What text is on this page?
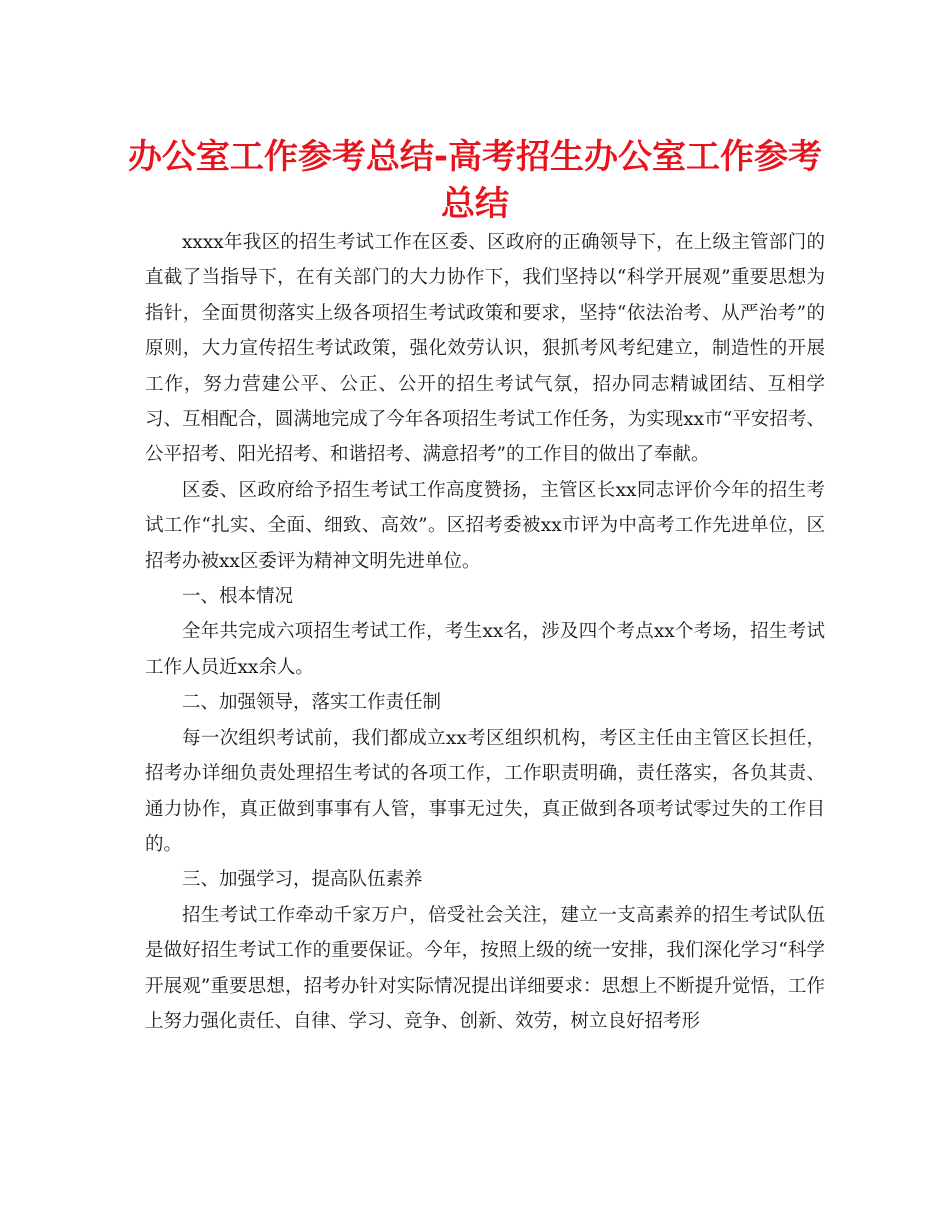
办公室工作参考总结-高考招生办公室工作参考总结

xxxx年我区的招生考试工作在区委、区政府的正确领导下，在上级主管部门的直截了当指导下，在有关部门的大力协作下，我们坚持以“科学开展观”重要思想为指针，全面贯彻落实上级各项招生考试政策和要求，坚持“依法治考、从严治考”的原则，大力宣传招生考试政策，强化效劳认识，狠抓考风考纪建立，制造性的开展工作，努力营建公平、公正、公开的招生考试气氛，招办同志精诚团结、互相学习、互相配合，圆满地完成了今年各项招生考试工作任务，为实现xx市“平安招考、公平招考、阳光招考、和谐招考、满意招考”的工作目的做出了奉献。

区委、区政府给予招生考试工作高度赞扬，主管区长xx同志评价今年的招生考试工作“扎实、全面、细致、高效”。区招考委被xx市评为中高考工作先进单位，区招考办被xx区委评为精神文明先进单位。

一、根本情况

全年共完成六项招生考试工作，考生xx名，涉及四个考点xx个考场，招生考试工作人员近xx余人。

二、加强领导，落实工作责任制

每一次组织考试前，我们都成立xx考区组织机构，考区主任由主管区长担任，招考办详细负责处理招生考试的各项工作，工作职责明确，责任落实，各负其责、通力协作，真正做到事事有人管，事事无过失，真正做到各项考试零过失的工作目的。

三、加强学习，提高队伍素养

招生考试工作牵动千家万户，倍受社会关注，建立一支高素养的招生考试队伍是做好招生考试工作的重要保证。今年，按照上级的统一安排，我们深化学习“科学开展观”重要思想，招考办针对实际情况提出详细要求：思想上不断提升觉悟，工作上努力强化责任、自律、学习、竞争、创新、效劳，树立良好招考形
